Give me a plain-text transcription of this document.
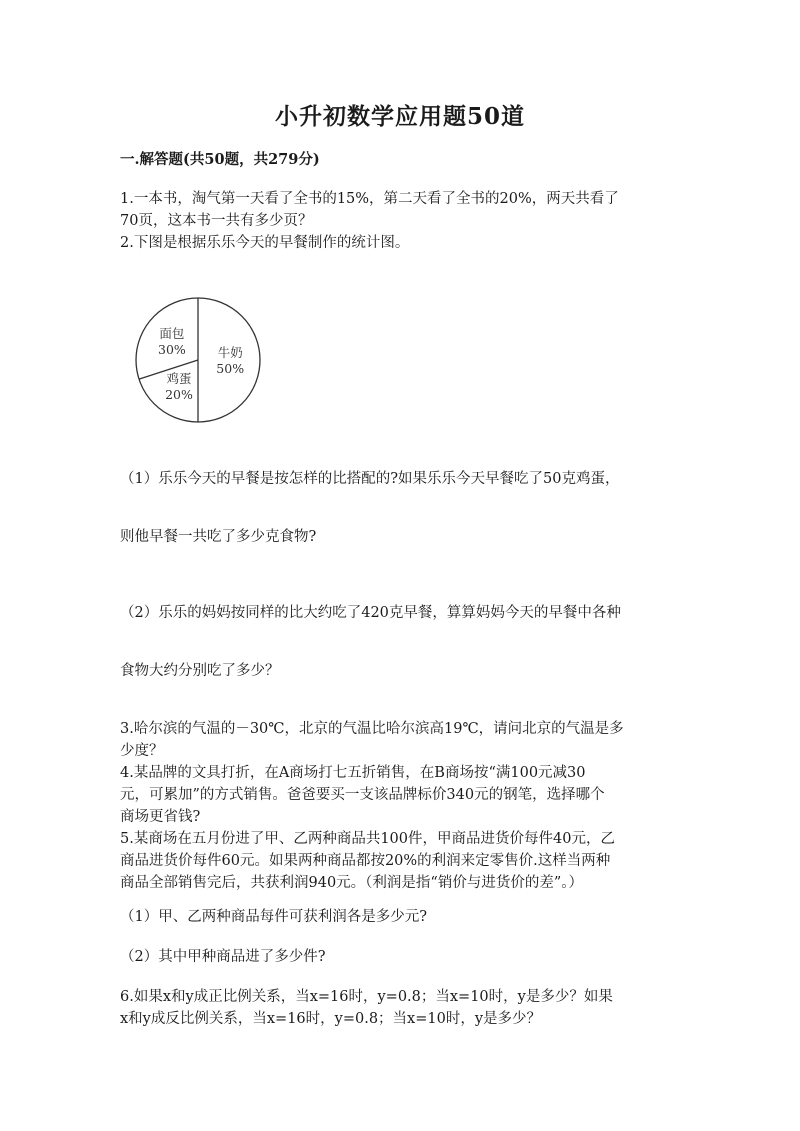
小升初数学应用题50道
一.解答题(共50题，共279分)
1.一本书，淘气第一天看了全书的15%，第二天看了全书的20%，两天共看了
70页，这本书一共有多少页？
2.下图是根据乐乐今天的早餐制作的统计图。
牛奶
50%
鸡蛋
20%
面包
30%
（1）乐乐今天的早餐是按怎样的比搭配的?如果乐乐今天早餐吃了50克鸡蛋，
则他早餐一共吃了多少克食物?
（2）乐乐的妈妈按同样的比大约吃了420克早餐，算算妈妈今天的早餐中各种
食物大约分别吃了多少？
3.哈尔滨的气温的－30℃，北京的气温比哈尔滨高19℃，请问北京的气温是多
少度？
4.某品牌的文具打折，在A商场打七五折销售，在B商场按“满100元减30
元，可累加”的方式销售。爸爸要买一支该品牌标价340元的钢笔，选择哪个
商场更省钱?
5.某商场在五月份进了甲、乙两种商品共100件，甲商品进货价每件40元，乙
商品进货价每件60元。如果两种商品都按20%的利润来定零售价.这样当两种
商品全部销售完后，共获利润940元。（利润是指“销价与进货价的差”。）
（1）甲、乙两种商品每件可获利润各是多少元?
（2）其中甲种商品进了多少件?
6.如果x和y成正比例关系，当x=16时，y=0.8；当x=10时，y是多少？如果
x和y成反比例关系，当x=16时，y=0.8；当x=10时，y是多少？
